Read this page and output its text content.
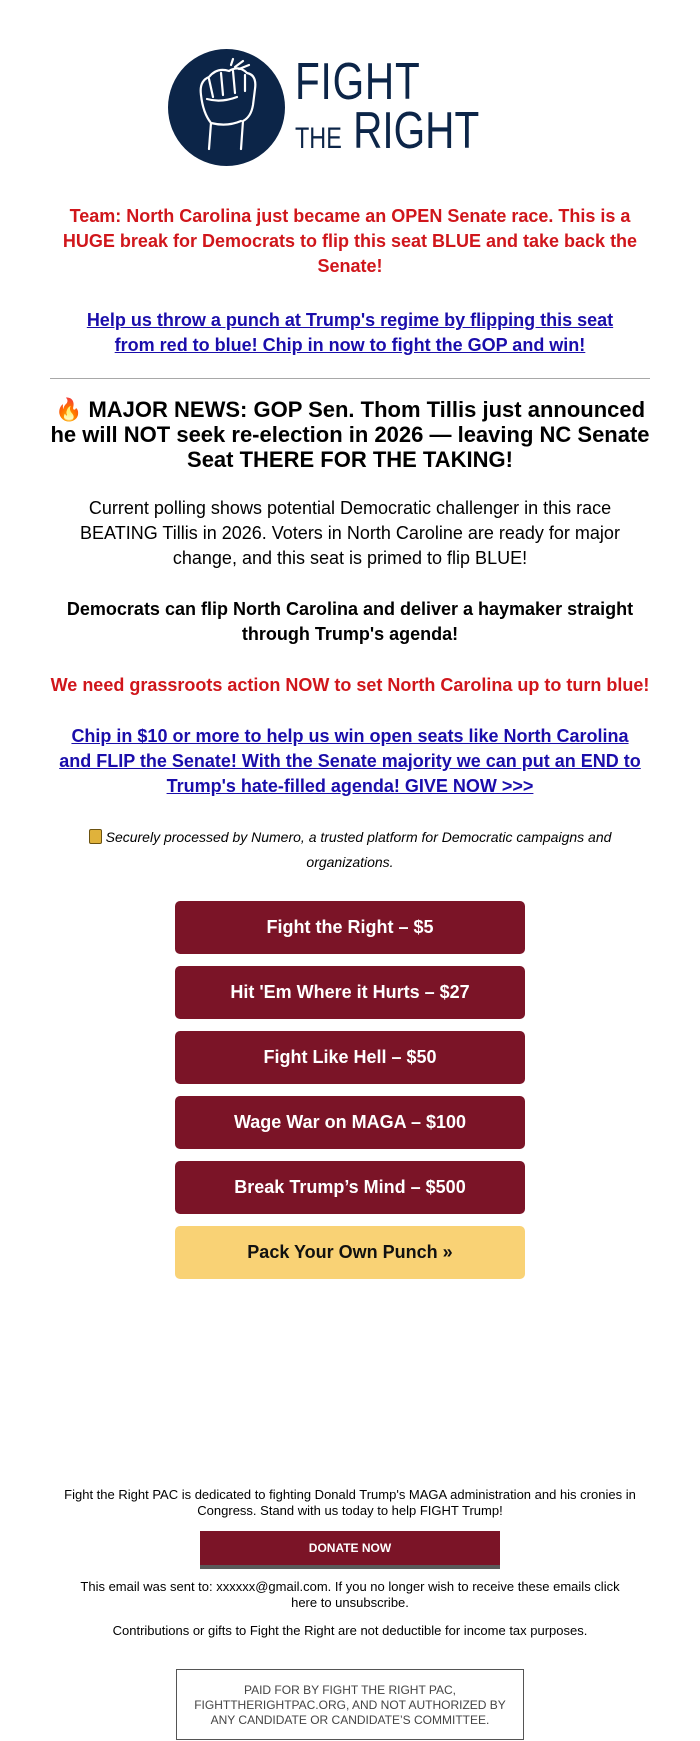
FIGHT
THE RIGHT
Team: North Carolina just became an OPEN Senate race. This is a HUGE break for Democrats to flip this seat BLUE and take back the Senate!
Help us throw a punch at Trump's regime by flipping this seat from red to blue! Chip in now to fight the GOP and win!
🔥 MAJOR NEWS: GOP Sen. Thom Tillis just announced he will NOT seek re-election in 2026 — leaving NC Senate Seat THERE FOR THE TAKING!
Current polling shows potential Democratic challenger in this race BEATING Tillis in 2026. Voters in North Caroline are ready for major change, and this seat is primed to flip BLUE!
Democrats can flip North Carolina and deliver a haymaker straight through Trump's agenda!
We need grassroots action NOW to set North Carolina up to turn blue!
Chip in $10 or more to help us win open seats like North Carolina and FLIP the Senate! With the Senate majority we can put an END to Trump's hate-filled agenda! GIVE NOW >>>
Securely processed by Numero, a trusted platform for Democratic campaigns and organizations.
Fight the Right – $5
Hit 'Em Where it Hurts – $27
Fight Like Hell – $50
Wage War on MAGA – $100
Break Trump’s Mind – $500
Pack Your Own Punch »
Fight the Right PAC is dedicated to fighting Donald Trump's MAGA administration and his cronies in Congress. Stand with us today to help FIGHT Trump!
DONATE NOW
This email was sent to: xxxxxx@gmail.com. If you no longer wish to receive these emails click here to unsubscribe.
Contributions or gifts to Fight the Right are not deductible for income tax purposes.
PAID FOR BY FIGHT THE RIGHT PAC, FIGHTTHERIGHTPAC.ORG, AND NOT AUTHORIZED BY ANY CANDIDATE OR CANDIDATE’S COMMITTEE.
